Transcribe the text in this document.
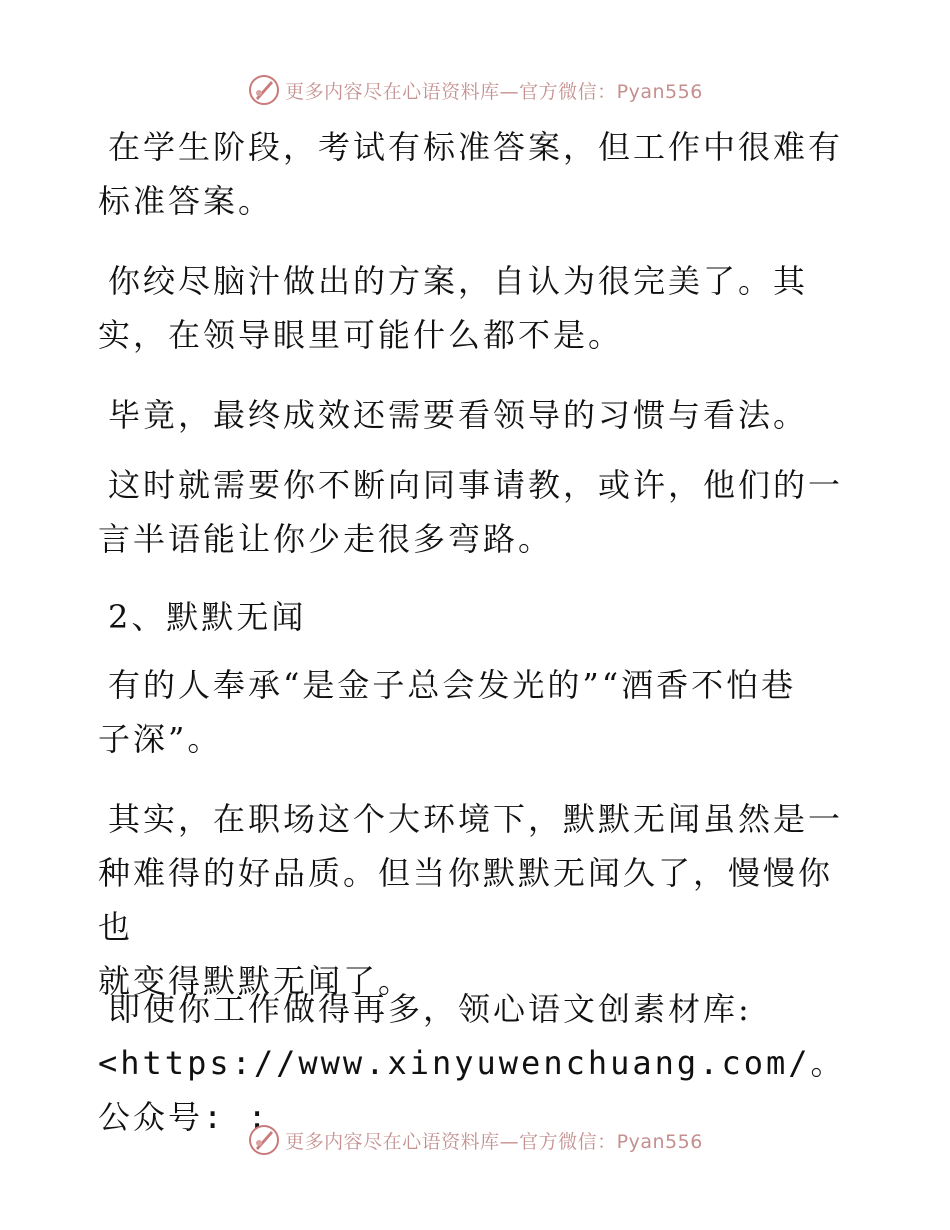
更多内容尽在心语资料库—官方微信：Pyan556

在学生阶段，考试有标准答案，但工作中很难有
标准答案。

你绞尽脑汁做出的方案，自认为很完美了。其
实，在领导眼里可能什么都不是。

毕竟，最终成效还需要看领导的习惯与看法。

这时就需要你不断向同事请教，或许，他们的一
言半语能让你少走很多弯路。

2、默默无闻

有的人奉承“是金子总会发光的”“酒香不怕巷
子深”。

其实，在职场这个大环境下，默默无闻虽然是一
种难得的好品质。但当你默默无闻久了，慢慢你也
就变得默默无闻了。

即使你工作做得再多，领心语文创素材库:
<https://www.xinyuwenchuang.com/。公众号: :

更多内容尽在心语资料库—官方微信：Pyan556
